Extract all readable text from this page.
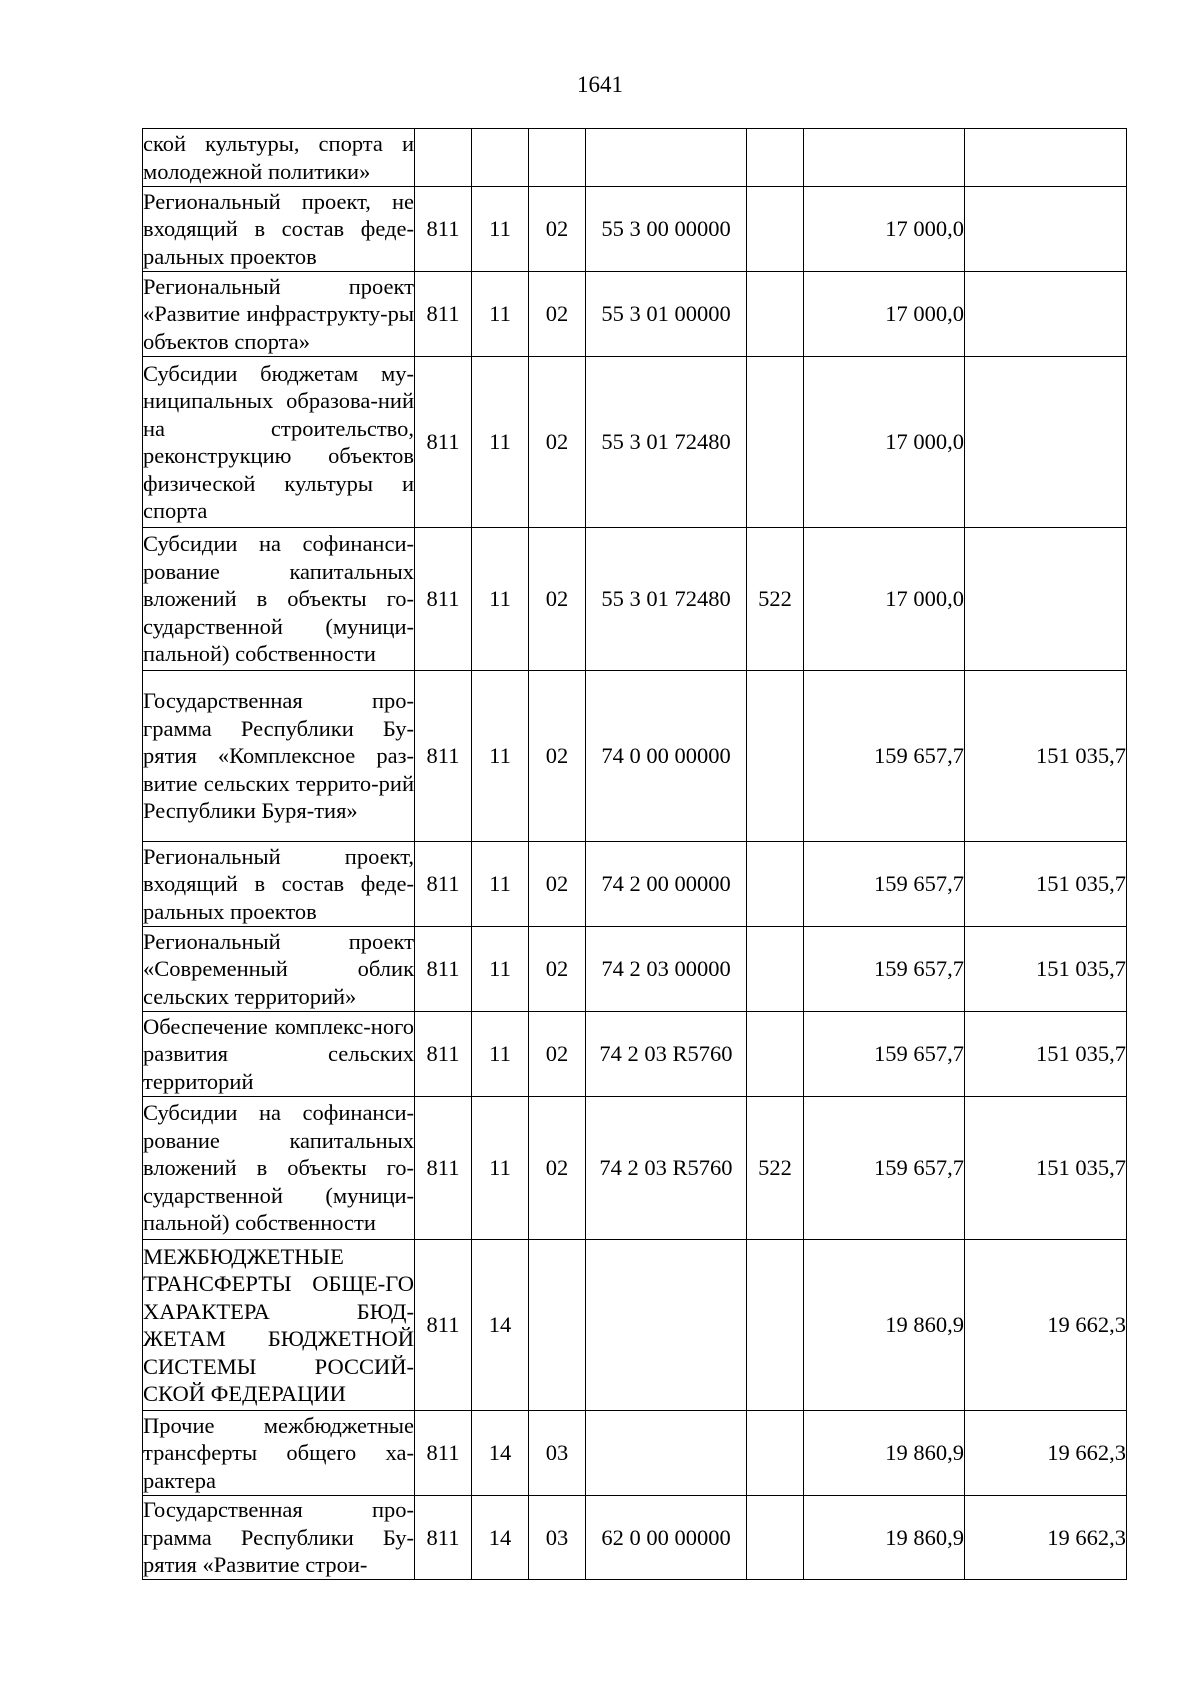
1641
ской культуры, спорта и молодежной политики»							
Региональный проект, не входящий в состав феде-ральных проектов	811	11	02	55 3 00 00000		17 000,0	
Региональный проект «Развитие инфраструкту-ры объектов спорта»	811	11	02	55 3 01 00000		17 000,0	
Субсидии бюджетам му-ниципальных образова-ний на строительство, реконструкцию объектов физической культуры и спорта	811	11	02	55 3 01 72480		17 000,0	
Субсидии на софинанси-рование капитальных вложений в объекты го-сударственной (муници-пальной) собственности	811	11	02	55 3 01 72480	522	17 000,0	
Государственная про-грамма Республики Бу-рятия «Комплексное раз-витие сельских террито-рий Республики Буря-тия»	811	11	02	74 0 00 00000		159 657,7	151 035,7
Региональный проект, входящий в состав феде-ральных проектов	811	11	02	74 2 00 00000		159 657,7	151 035,7
Региональный проект «Современный облик сельских территорий»	811	11	02	74 2 03 00000		159 657,7	151 035,7
Обеспечение комплекс-ного развития сельских территорий	811	11	02	74 2 03 R5760		159 657,7	151 035,7
Субсидии на софинанси-рование капитальных вложений в объекты го-сударственной (муници-пальной) собственности	811	11	02	74 2 03 R5760	522	159 657,7	151 035,7
МЕЖБЮДЖЕТНЫЕ ТРАНСФЕРТЫ ОБЩЕ-ГО ХАРАКТЕРА БЮД-ЖЕТАМ БЮДЖЕТНОЙ СИСТЕМЫ РОССИЙ-СКОЙ ФЕДЕРАЦИИ	811	14				19 860,9	19 662,3
Прочие межбюджетные трансферты общего ха-рактера	811	14	03			19 860,9	19 662,3
Государственная про-грамма Республики Бу-рятия «Развитие строи-	811	14	03	62 0 00 00000		19 860,9	19 662,3
